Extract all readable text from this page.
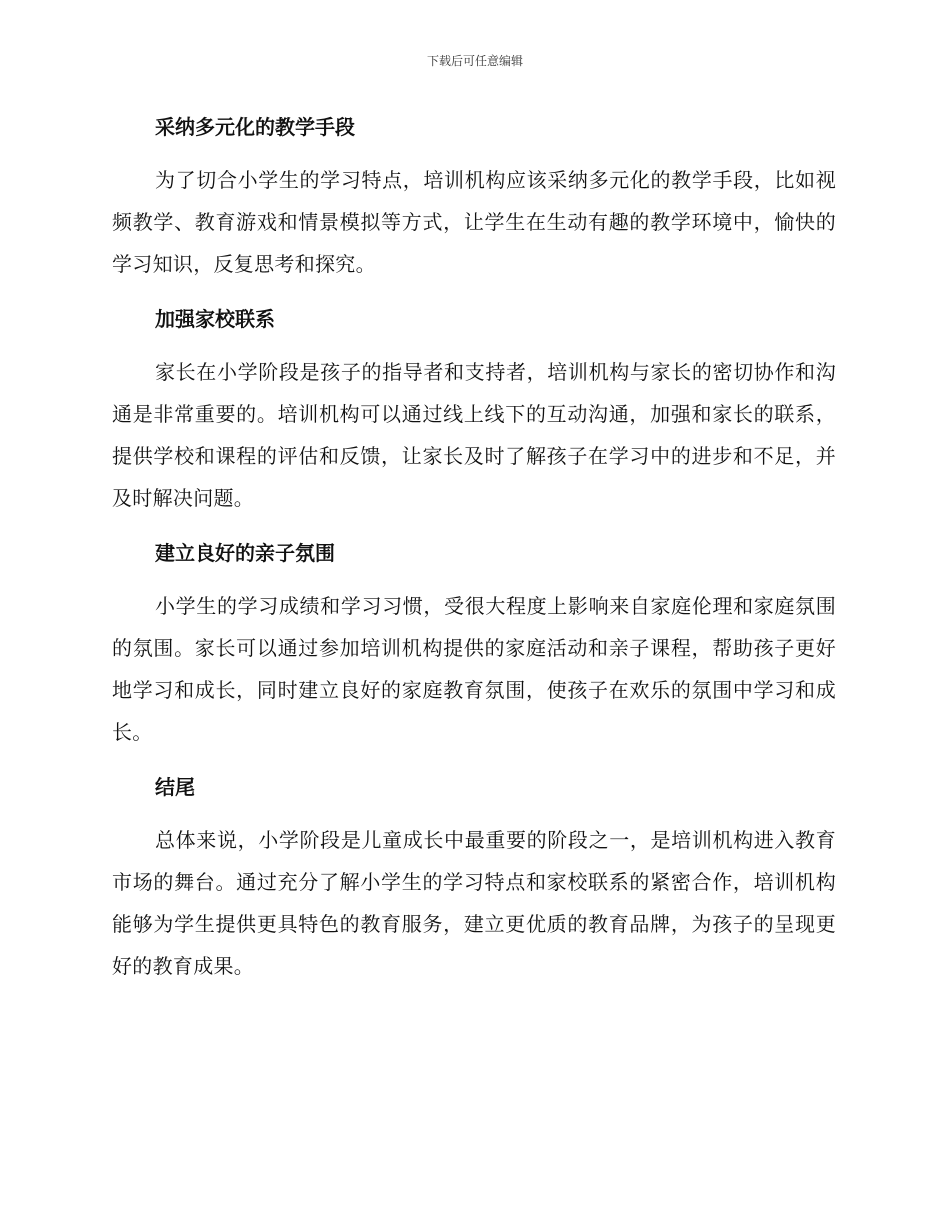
下载后可任意编辑
采纳多元化的教学手段

为了切合小学生的学习特点，培训机构应该采纳多元化的教学手段，比如视频教学、教育游戏和情景模拟等方式，让学生在生动有趣的教学环境中，愉快的学习知识，反复思考和探究。

加强家校联系

家长在小学阶段是孩子的指导者和支持者，培训机构与家长的密切协作和沟通是非常重要的。培训机构可以通过线上线下的互动沟通，加强和家长的联系，提供学校和课程的评估和反馈，让家长及时了解孩子在学习中的进步和不足，并及时解决问题。

建立良好的亲子氛围

小学生的学习成绩和学习习惯，受很大程度上影响来自家庭伦理和家庭氛围的氛围。家长可以通过参加培训机构提供的家庭活动和亲子课程，帮助孩子更好地学习和成长，同时建立良好的家庭教育氛围，使孩子在欢乐的氛围中学习和成长。

结尾

总体来说，小学阶段是儿童成长中最重要的阶段之一，是培训机构进入教育市场的舞台。通过充分了解小学生的学习特点和家校联系的紧密合作，培训机构能够为学生提供更具特色的教育服务，建立更优质的教育品牌，为孩子的呈现更好的教育成果。
